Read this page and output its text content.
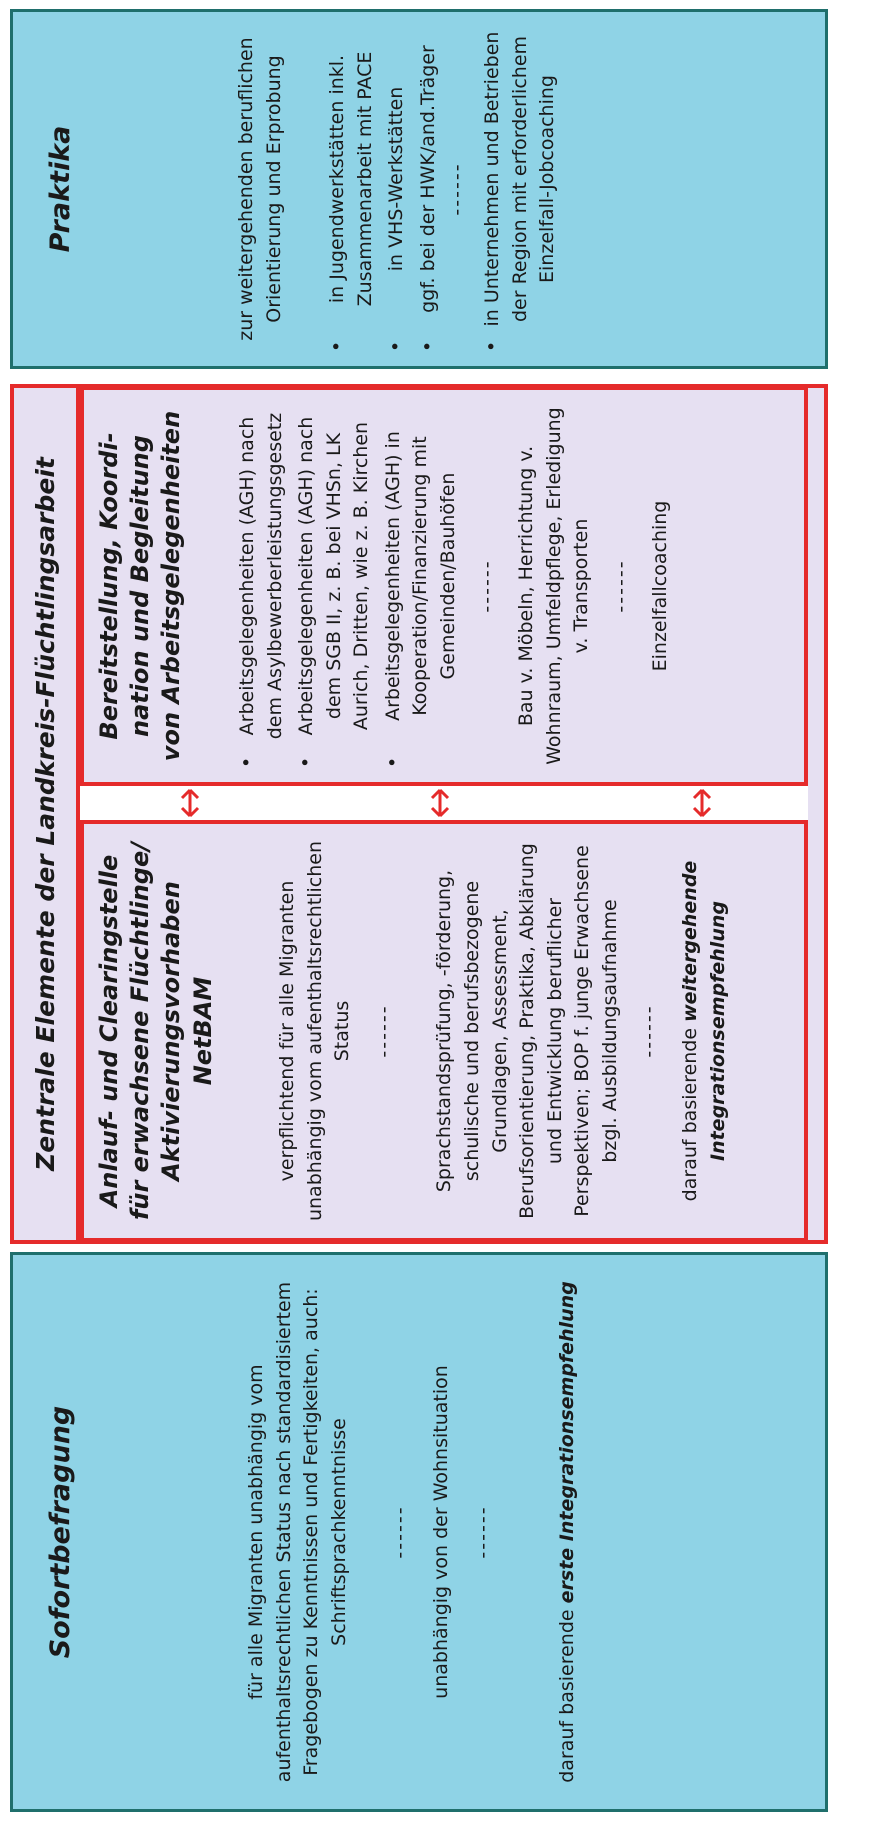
Sofortbefragung	für alle Migranten unabhängig vom aufenthaltsrechtlichen Status nach standardisiertem Fragebogen zu Kenntnissen und Fertigkeiten, auch: Schriftsprachkenntnisse ------ unabhängig von der Wohnsituation ------
darauf basierende erste Integrationsempfehlung
Zentrale Elemente der Landkreis-Flüchtlingsarbeit	Anlauf- und Clearingstelle für erwachsene Flüchtlinge/ Aktivierungsvorhaben NetBAM	verpflichtend für alle Migranten unabhängig vom aufenthaltsrechtlichen Status ------ Sprachstandsprüfung, -förderung, schulische und berufsbezogene Grundlagen, Assessment, Berufsorientierung, Praktika, Abklärung und Entwicklung beruflicher Perspektiven; BOP f. junge Erwachsene bzgl. Ausbildungsaufnahme ------ darauf basierende weitergehende Integrationsempfehlung
Bereitstellung, Koordi- nation und Begleitung von Arbeitsgelegenheiten	• Arbeitsgelegenheiten (AGH) nach dem Asylbewerberleistungsgesetz • Arbeitsgelegenheiten (AGH) nach dem SGB II, z. B. bei VHSn, LK Aurich, Dritten, wie z. B. Kirchen • Arbeitsgelegenheiten (AGH) in Kooperation/Finanzierung mit Gemeinden/Bauhöfen ------ Bau v. Möbeln, Herrichtung v. Wohnraum, Umfeldpflege, Erledigung v. Transporten ------ Einzelfallcoaching
Praktika	zur weitergehenden beruflichen Orientierung und Erprobung • in Jugendwerkstätten inkl. Zusammenarbeit mit PACE • in VHS-Werkstätten • ggf. bei der HWK/and.Träger ------ • in Unternehmen und Betrieben der Region mit erforderlichem Einzelfall-Jobcoaching
